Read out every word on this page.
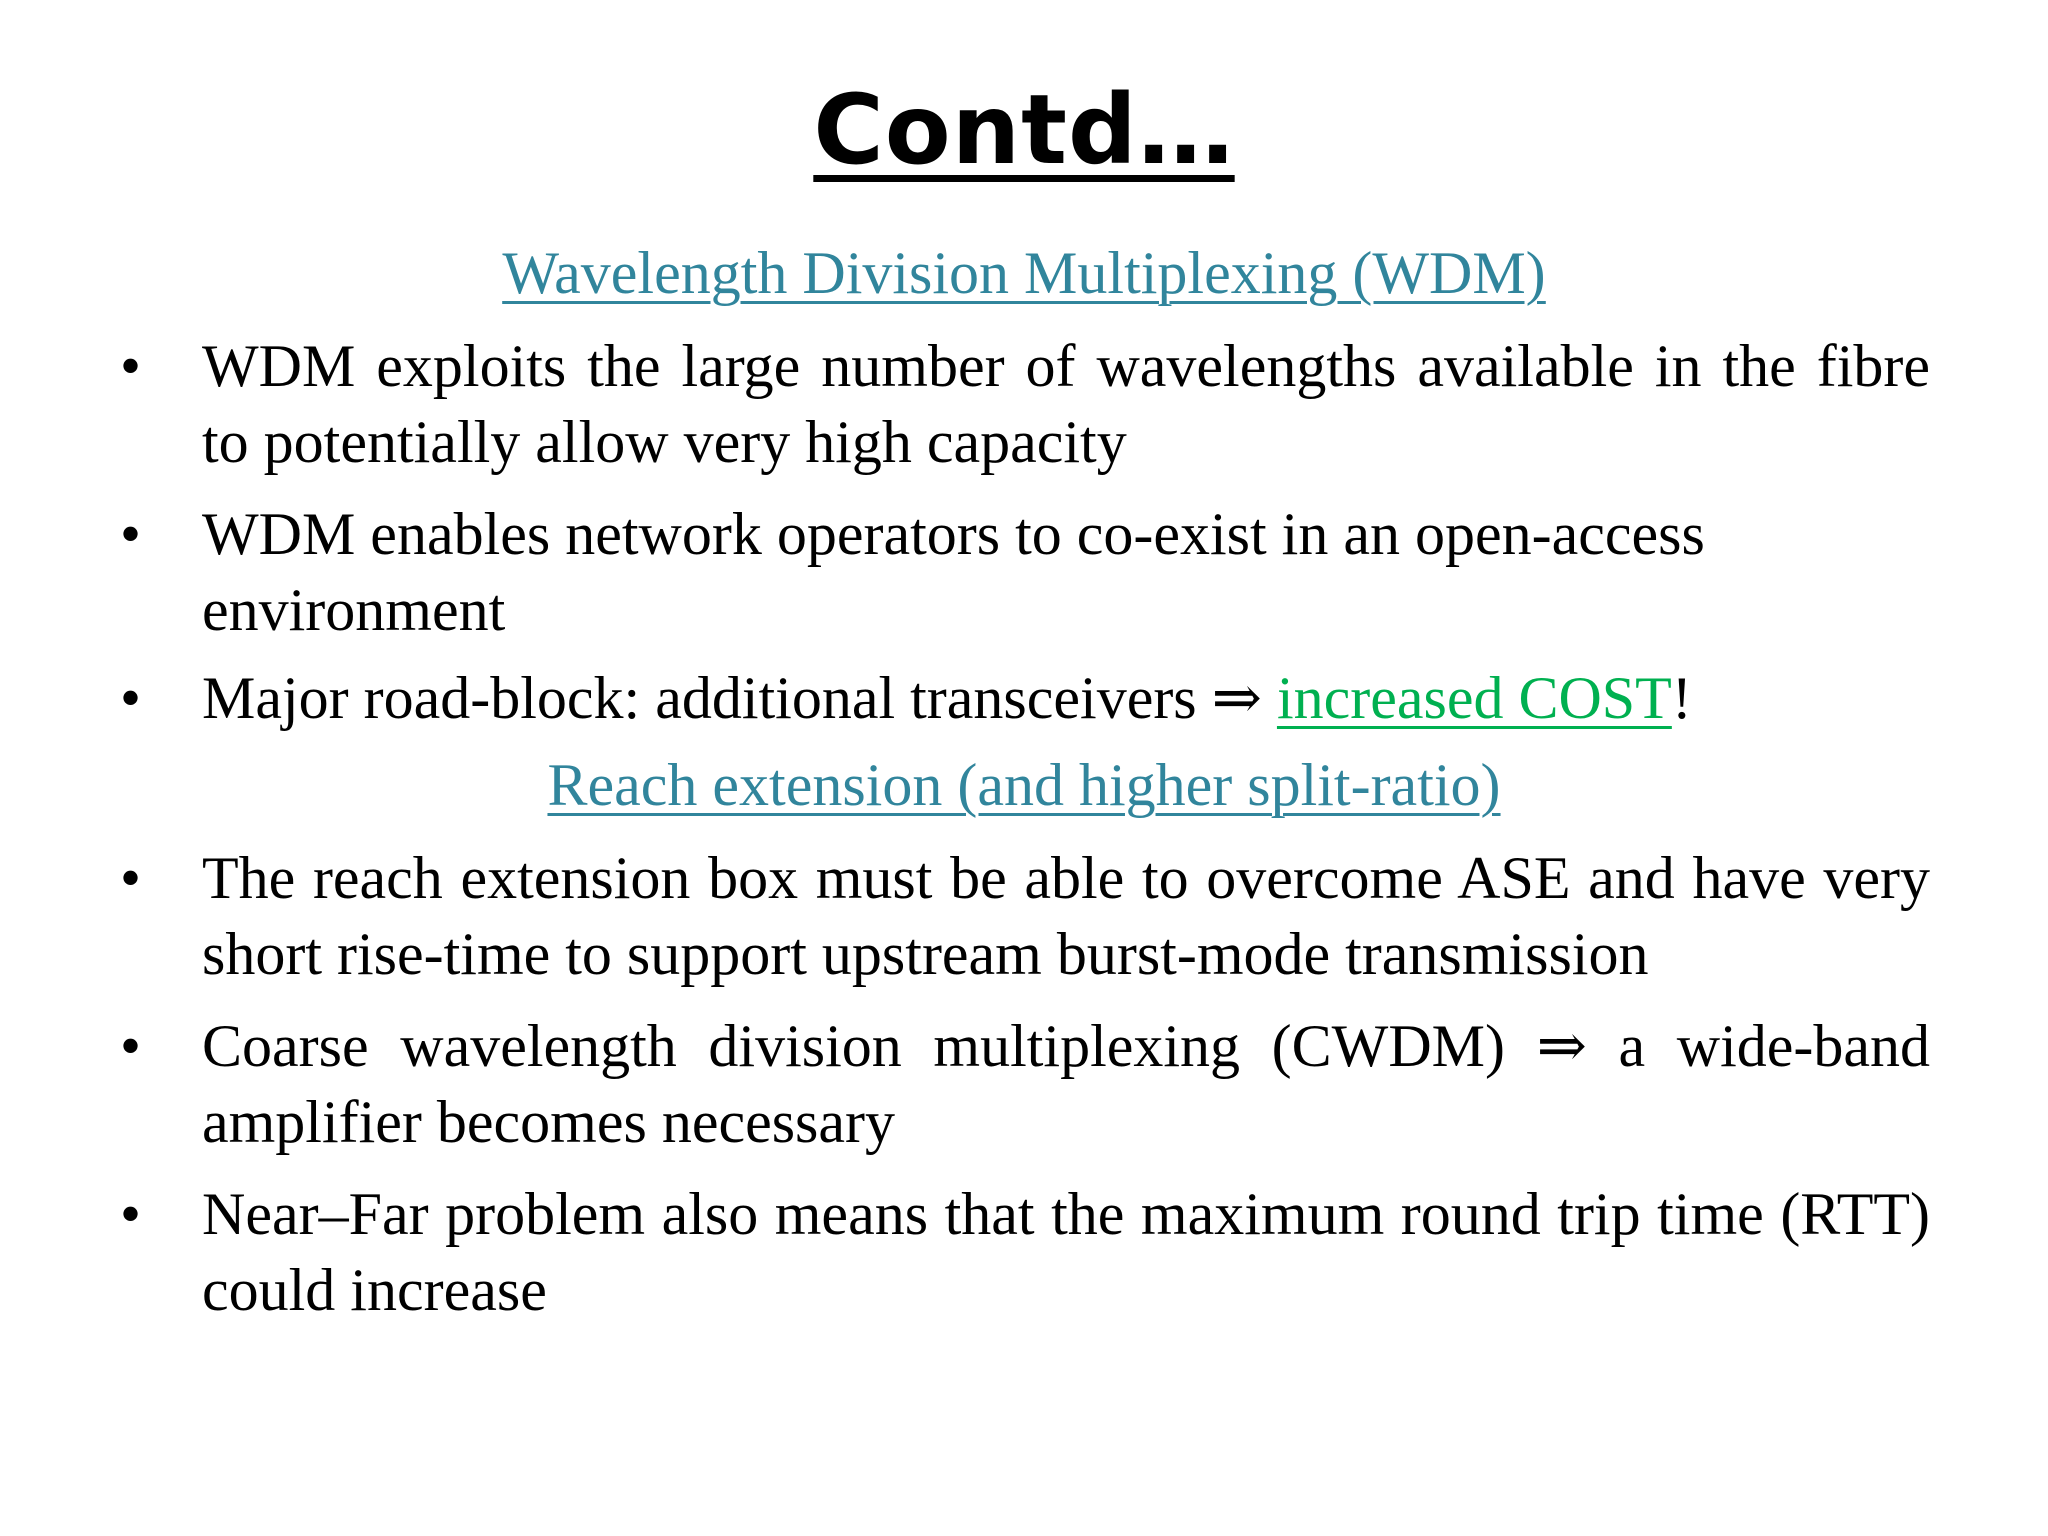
Contd…
Wavelength Division Multiplexing (WDM)
•	WDM exploits the large number of wavelengths available in the fibre to potentially allow very high capacity
•	WDM enables network operators to co-exist in an open-access environment
•	Major road-block: additional transceivers ⇒ increased COST!
Reach extension (and higher split-ratio)
•	The reach extension box must be able to overcome ASE and have very short rise-time to support upstream burst-mode transmission
•	Coarse wavelength division multiplexing (CWDM) ⇒ a wide-band amplifier becomes necessary
•	Near–Far problem also means that the maximum round trip time (RTT) could increase
